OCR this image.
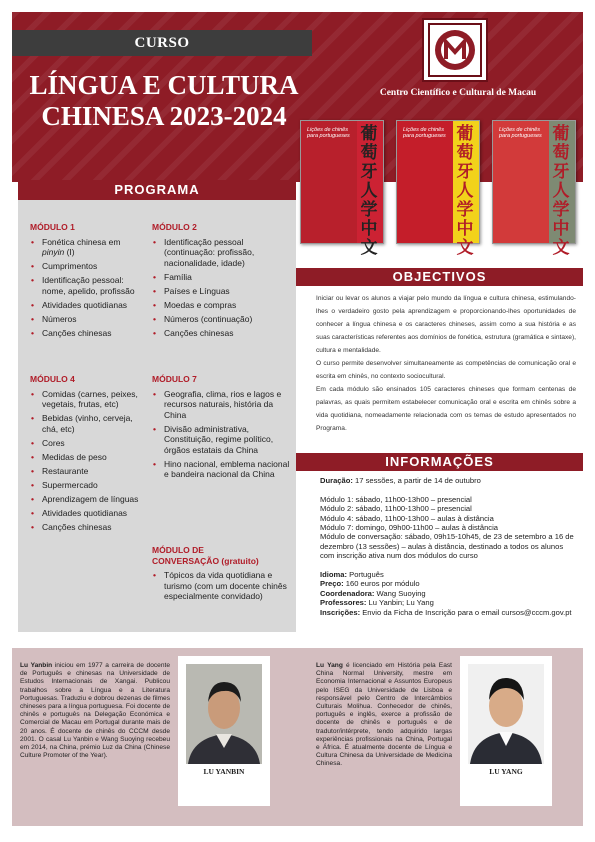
CURSO
LÍNGUA E CULTURA
CHINESA 2023-2024
Centro Científico e Cultural de Macau
Lições de chinês para portugueses 葡萄牙人学中文
Lições de chinês para portugueses 葡萄牙人学中文
Lições de chinês para portugueses 葡萄牙人学中文
PROGRAMA
MÓDULO 1
• Fonética chinesa em pinyin (I)
• Cumprimentos
• Identificação pessoal: nome, apelido, profissão
• Atividades quotidianas
• Números
• Canções chinesas
MÓDULO 2
• Identificação pessoal (continuação: profissão, nacionalidade, idade)
• Família
• Países e Línguas
• Moedas e compras
• Números (continuação)
• Canções chinesas
MÓDULO 4
• Comidas (carnes, peixes, vegetais, frutas, etc)
• Bebidas (vinho, cerveja, chá, etc)
• Cores
• Medidas de peso
• Restaurante
• Supermercado
• Aprendizagem de línguas
• Atividades quotidianas
• Canções chinesas
MÓDULO 7
• Geografia, clima, rios e lagos e recursos naturais, história da China
• Divisão administrativa, Constituição, regime político, órgãos estatais da China
• Hino nacional, emblema nacional e bandeira nacional da China
MÓDULO DE
CONVERSAÇÃO (gratuito)
• Tópicos da vida quotidiana e turismo (com um docente chinês especialmente convidado)
OBJECTIVOS

Iniciar ou levar os alunos a viajar pelo mundo da língua e cultura chinesa, estimulando-lhes o verdadeiro gosto pela aprendizagem e proporcionando-lhes oportunidades de conhecer a língua chinesa e os caracteres chineses, assim como a sua história e as suas características referentes aos domínios de fonética, estrutura (gramática e sintaxe), cultura e mentalidade.

O curso permite desenvolver simultaneamente as competências de comunicação oral e escrita em chinês, no contexto sociocultural.

Em cada módulo são ensinados 105 caracteres chineses que formam centenas de palavras, as quais permitem estabelecer comunicação oral e escrita em chinês sobre a vida quotidiana, nomeadamente relacionada com os temas de estudo apresentados no Programa.

INFORMAÇÕES
Duração: 17 sessões, a partir de 14 de outubro
Módulo 1: sábado, 11h00-13h00 – presencial
Módulo 2: sábado, 11h00-13h00 – presencial
Módulo 4: sábado, 11h00-13h00 – aulas à distância
Módulo 7: domingo, 09h00-11h00 – aulas à distância
Módulo de conversação: sábado, 09h15-10h45, de 23 de setembro a 16 de dezembro (13 sessões) – aulas à distância, destinado a todos os alunos com inscrição ativa num dos módulos do curso
Idioma: Português
Preço: 160 euros por módulo
Coordenadora: Wang Suoying
Professores: Lu Yanbin; Lu Yang
Inscrições: Envio da Ficha de Inscrição para o email cursos@cccm.gov.pt
Lu Yanbin iniciou em 1977 a carreira de docente de Português e chinesas na Universidade de Estudos Internacionais de Xangai. Publicou trabalhos sobre a Língua e a Literatura Portuguesas. Traduziu e dobrou dezenas de filmes chineses para a língua portuguesa. Foi docente de chinês e português na Delegação Económica e Comercial de Macau em Portugal durante mais de 20 anos. É docente de chinês do CCCM desde 2001. O casal Lu Yanbin e Wang Suoying recebeu em 2014, na China, prémio Luz da China (Chinese Culture Promoter of the Year).
LU YANBIN
Lu Yang é licenciado em História pela East China Normal University, mestre em Economia Internacional e Assuntos Europeus pelo ISEG da Universidade de Lisboa e responsável pelo Centro de Intercâmbios Culturais Molihua. Conhecedor de chinês, português e inglês, exerce a profissão de docente de chinês e português e de tradutor/intérprete, tendo adquirido largas experiências profissionais na China, Portugal e África. É atualmente docente de Língua e Cultura Chinesa da Universidade de Medicina Chinesa.
LU YANG
